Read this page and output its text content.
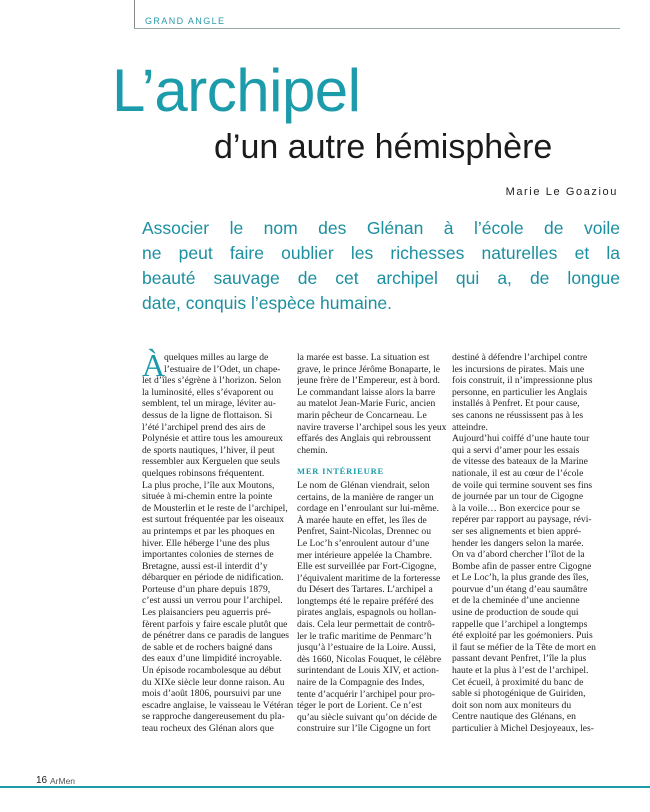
GRAND ANGLE
L’archipel
d’un autre hémisphère
Marie Le Goaziou
Associer le nom des Glénan à l’école de voile
ne peut faire oublier les richesses naturelles et la
beauté sauvage de cet archipel qui a, de longue
date, conquis l’espèce humaine.
À
quelques milles au large de
l’estuaire de l’Odet, un chape-
let d’îles s’égrène à l’horizon. Selon
la luminosité, elles s’évaporent ou
semblent, tel un mirage, léviter au-
dessus de la ligne de flottaison. Si
l’été l’archipel prend des airs de
Polynésie et attire tous les amoureux
de sports nautiques, l’hiver, il peut
ressembler aux Kerguelen que seuls
quelques robinsons fréquentent.
La plus proche, l’île aux Moutons,
située à mi-chemin entre la pointe
de Mousterlin et le reste de l’archipel,
est surtout fréquentée par les oiseaux
au printemps et par les phoques en
hiver. Elle héberge l’une des plus
importantes colonies de sternes de
Bretagne, aussi est-il interdit d’y
débarquer en période de nidification.
Porteuse d’un phare depuis 1879,
c’est aussi un verrou pour l’archipel.
Les plaisanciers peu aguerris pré-
fèrent parfois y faire escale plutôt que
de pénétrer dans ce paradis de langues
de sable et de rochers baigné dans
des eaux d’une limpidité incroyable.
Un épisode rocambolesque au début
du XIXe siècle leur donne raison. Au
mois d’août 1806, poursuivi par une
escadre anglaise, le vaisseau le Vétéran
se rapproche dangereusement du pla-
teau rocheux des Glénan alors que
la marée est basse. La situation est
grave, le prince Jérôme Bonaparte, le
jeune frère de l’Empereur, est à bord.
Le commandant laisse alors la barre
au matelot Jean-Marie Furic, ancien
marin pêcheur de Concarneau. Le
navire traverse l’archipel sous les yeux
effarés des Anglais qui rebroussent
chemin.
MER INTÉRIEURE
Le nom de Glénan viendrait, selon
certains, de la manière de ranger un
cordage en l’enroulant sur lui-même.
À marée haute en effet, les îles de
Penfret, Saint-Nicolas, Drennec ou
Le Loc’h s’enroulent autour d’une
mer intérieure appelée la Chambre.
Elle est surveillée par Fort-Cigogne,
l’équivalent maritime de la forteresse
du Désert des Tartares. L’archipel a
longtemps été le repaire préféré des
pirates anglais, espagnols ou hollan-
dais. Cela leur permettait de contrô-
ler le trafic maritime de Penmarc’h
jusqu’à l’estuaire de la Loire. Aussi,
dès 1660, Nicolas Fouquet, le célèbre
surintendant de Louis XIV, et action-
naire de la Compagnie des Indes,
tente d’acquérir l’archipel pour pro-
téger le port de Lorient. Ce n’est
qu’au siècle suivant qu’on décide de
construire sur l’île Cigogne un fort
destiné à défendre l’archipel contre
les incursions de pirates. Mais une
fois construit, il n’impressionne plus
personne, en particulier les Anglais
installés à Penfret. Et pour cause,
ses canons ne réussissent pas à les
atteindre.
Aujourd’hui coiffé d’une haute tour
qui a servi d’amer pour les essais
de vitesse des bateaux de la Marine
nationale, il est au cœur de l’école
de voile qui termine souvent ses fins
de journée par un tour de Cigogne
à la voile… Bon exercice pour se
repérer par rapport au paysage, révi-
ser ses alignements et bien appré-
hender les dangers selon la marée.
On va d’abord chercher l’îlot de la
Bombe afin de passer entre Cigogne
et Le Loc’h, la plus grande des îles,
pourvue d’un étang d’eau saumâtre
et de la cheminée d’une ancienne
usine de production de soude qui
rappelle que l’archipel a longtemps
été exploité par les goémoniers. Puis
il faut se méfier de la Tête de mort en
passant devant Penfret, l’île la plus
haute et la plus à l’est de l’archipel.
Cet écueil, à proximité du banc de
sable si photogénique de Guiriden,
doit son nom aux moniteurs du
Centre nautique des Glénans, en
particulier à Michel Desjoyeaux, les-
16 ArMen
